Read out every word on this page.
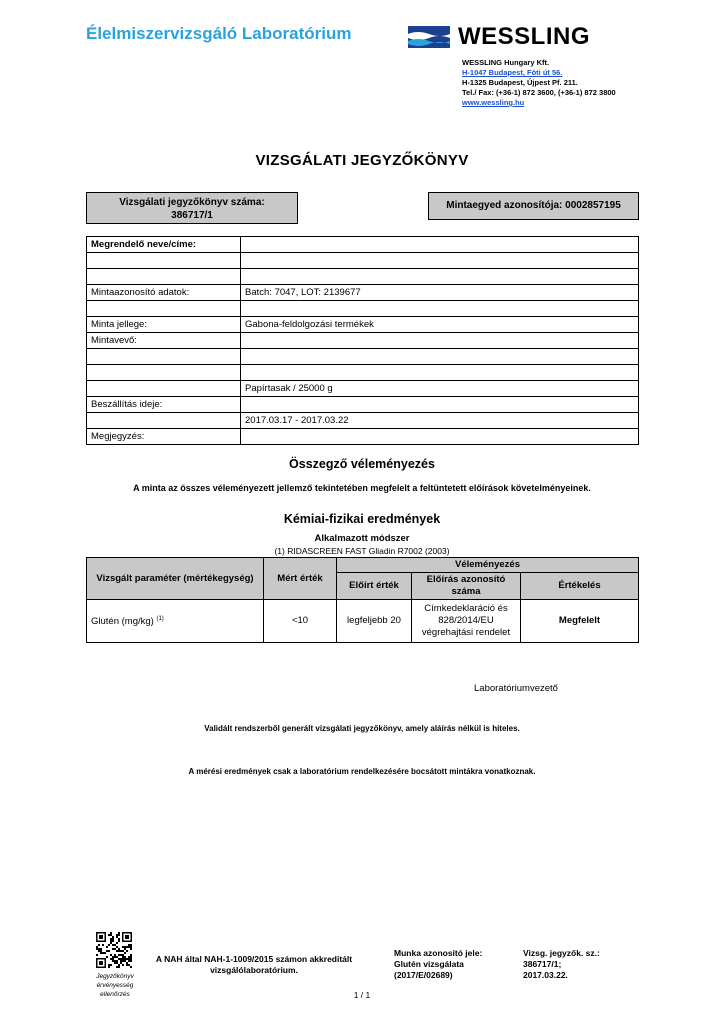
Élelmiszervizsgáló Laboratórium	WESSLING
WESSLING Hungary Kft.
H-1047 Budapest, Fóti út 56.
H-1325 Budapest, Újpest Pf. 211.
Tel./ Fax: (+36-1) 872 3600, (+36-1) 872 3800
www.wessling.hu
VIZSGÁLATI JEGYZŐKÖNYV
Vizsgálati jegyzőkönyv száma:
386717/1
Mintaegyed azonosítója: 0002857195
Megrendelő neve/címe:	

Mintaazonosító adatok:	Batch: 7047, LOT: 2139677

Minta jellege:	Gabona-feldolgozási termékek
Mintavevő:	

	Papírtasak / 25000 g
Beszállítás ideje:	
	2017.03.17 - 2017.03.22
Megjegyzés:	
Összegző véleményezés
A minta az összes véleményezett jellemző tekintetében megfelelt a feltüntetett előírások követelményeinek.
Kémiai-fizikai eredmények
Alkalmazott módszer
(1) RIDASCREEN FAST Gliadin R7002 (2003)
Vizsgált paraméter (mértékegység)	Mért érték	Véleményezés		
		Előírt érték	Előírás azonosító száma	Értékelés
Glutén (mg/kg) $^{(1)}$	<10	legfeljebb 20	Címkedeklaráció és 828/2014/EU végrehajtási rendelet	Megfelelt
Laboratóriumvezető
Validált rendszerből generált vizsgálati jegyzőkönyv, amely aláírás nélkül is hiteles.
A mérési eredmények csak a laboratórium rendelkezésére bocsátott mintákra vonatkoznak.
Jegyzőkönyv érvényesség ellenőrzés
A NAH által NAH-1-1009/2015 számon akkreditált vizsgálólaboratórium.
Munka azonosító jele:
Glutén vizsgálata
(2017/E/02689)
Vizsg. jegyzők. sz.:
386717/1;
2017.03.22.
1 / 1
